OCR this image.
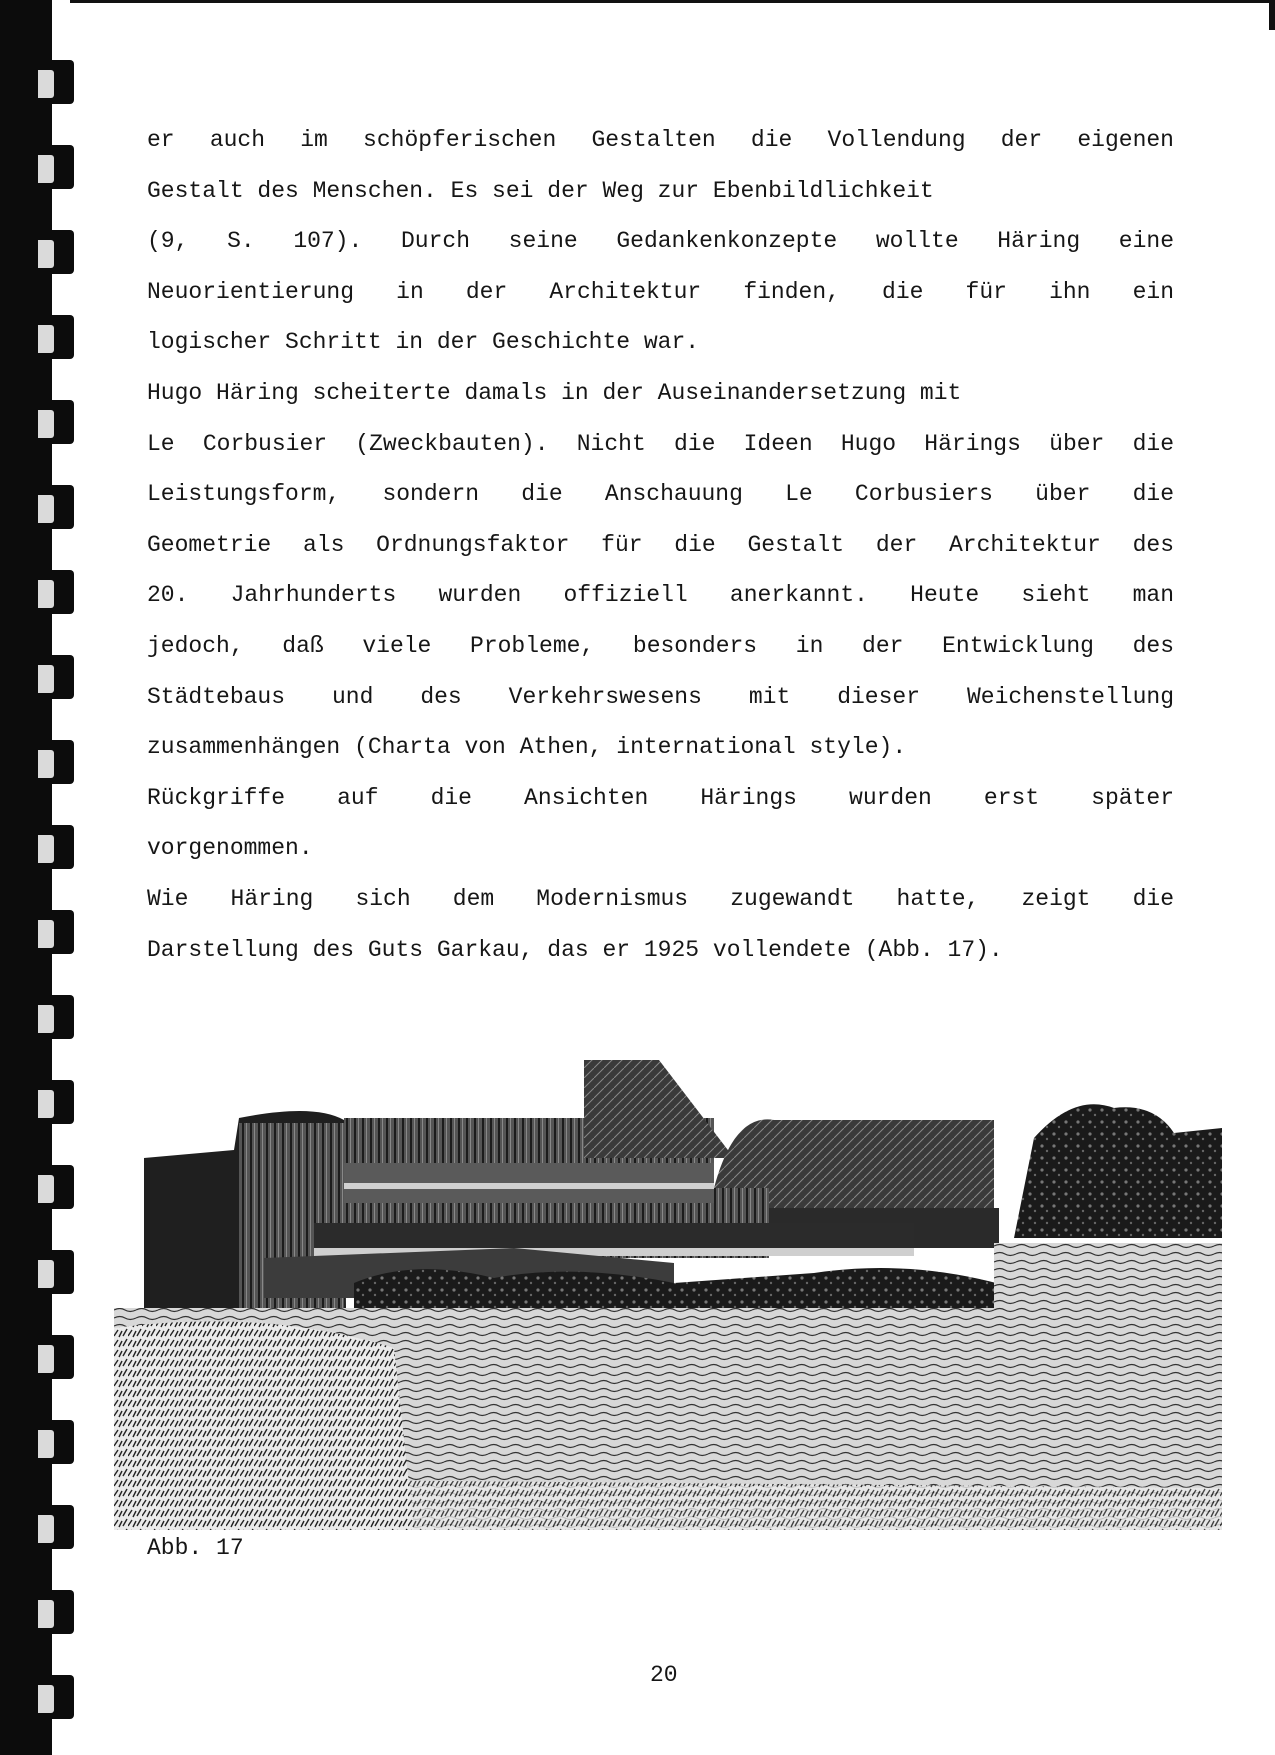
er auch im schöpferischen Gestalten die Vollendung der eigenen
Gestalt des Menschen. Es sei der Weg zur Ebenbildlichkeit
(9, S. 107). Durch seine Gedankenkonzepte wollte Häring eine
Neuorientierung in der Architektur finden, die für ihn ein
logischer Schritt in der Geschichte war.
Hugo Häring scheiterte damals in der Auseinandersetzung mit
Le Corbusier (Zweckbauten). Nicht die Ideen Hugo Härings über die
Leistungsform, sondern die Anschauung Le Corbusiers über die
Geometrie als Ordnungsfaktor für die Gestalt der Architektur des
20. Jahrhunderts wurden offiziell anerkannt. Heute sieht man
jedoch, daß viele Probleme, besonders in der Entwicklung des
Städtebaus und des Verkehrswesens mit dieser Weichenstellung
zusammenhängen (Charta von Athen, international style).
Rückgriffe auf die Ansichten Härings wurden erst später
vorgenommen.
Wie Häring sich dem Modernismus zugewandt hatte, zeigt die
Darstellung des Guts Garkau, das er 1925 vollendete (Abb. 17).
Abb. 17
20
